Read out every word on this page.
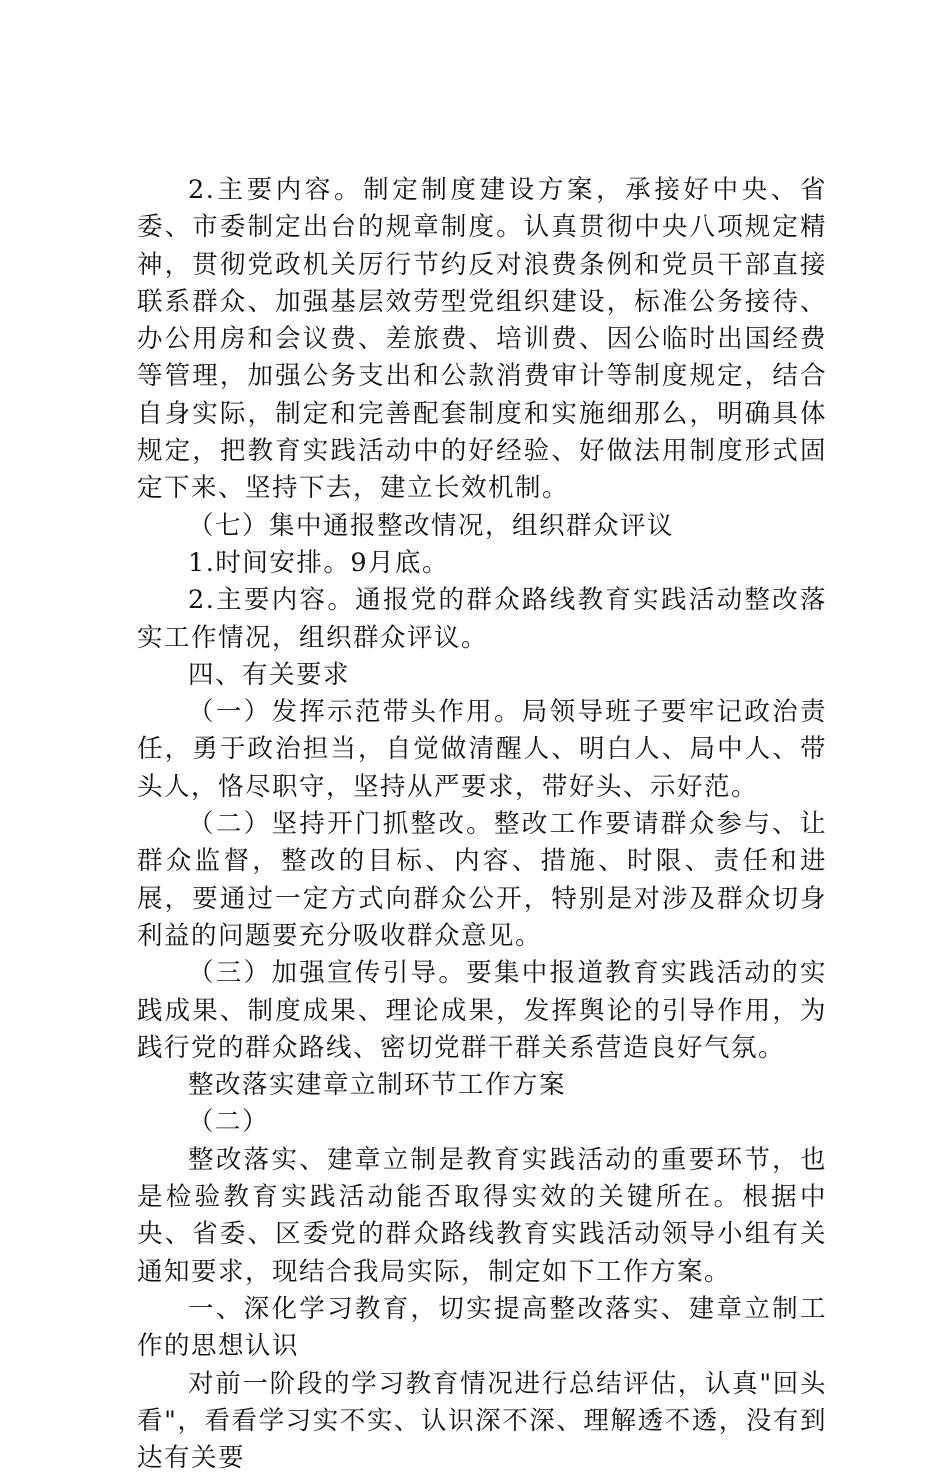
2.主要内容。制定制度建设方案，承接好中央、省委、市委制定出台的规章制度。认真贯彻中央八项规定精神，贯彻党政机关厉行节约反对浪费条例和党员干部直接联系群众、加强基层效劳型党组织建设，标准公务接待、办公用房和会议费、差旅费、培训费、因公临时出国经费等管理，加强公务支出和公款消费审计等制度规定，结合自身实际，制定和完善配套制度和实施细那么，明确具体规定，把教育实践活动中的好经验、好做法用制度形式固定下来、坚持下去，建立长效机制。

（七）集中通报整改情况，组织群众评议

1.时间安排。9月底。

2.主要内容。通报党的群众路线教育实践活动整改落实工作情况，组织群众评议。

四、有关要求

（一）发挥示范带头作用。局领导班子要牢记政治责任，勇于政治担当，自觉做清醒人、明白人、局中人、带头人，恪尽职守，坚持从严要求，带好头、示好范。

（二）坚持开门抓整改。整改工作要请群众参与、让群众监督，整改的目标、内容、措施、时限、责任和进展，要通过一定方式向群众公开，特别是对涉及群众切身利益的问题要充分吸收群众意见。

（三）加强宣传引导。要集中报道教育实践活动的实践成果、制度成果、理论成果，发挥舆论的引导作用，为践行党的群众路线、密切党群干群关系营造良好气氛。

整改落实建章立制环节工作方案

（二）

整改落实、建章立制是教育实践活动的重要环节，也是检验教育实践活动能否取得实效的关键所在。根据中央、省委、区委党的群众路线教育实践活动领导小组有关通知要求，现结合我局实际，制定如下工作方案。

一、深化学习教育，切实提高整改落实、建章立制工作的思想认识

对前一阶段的学习教育情况进行总结评估，认真"回头看"，看看学习实不实、认识深不深、理解透不透，没有到达有关要
